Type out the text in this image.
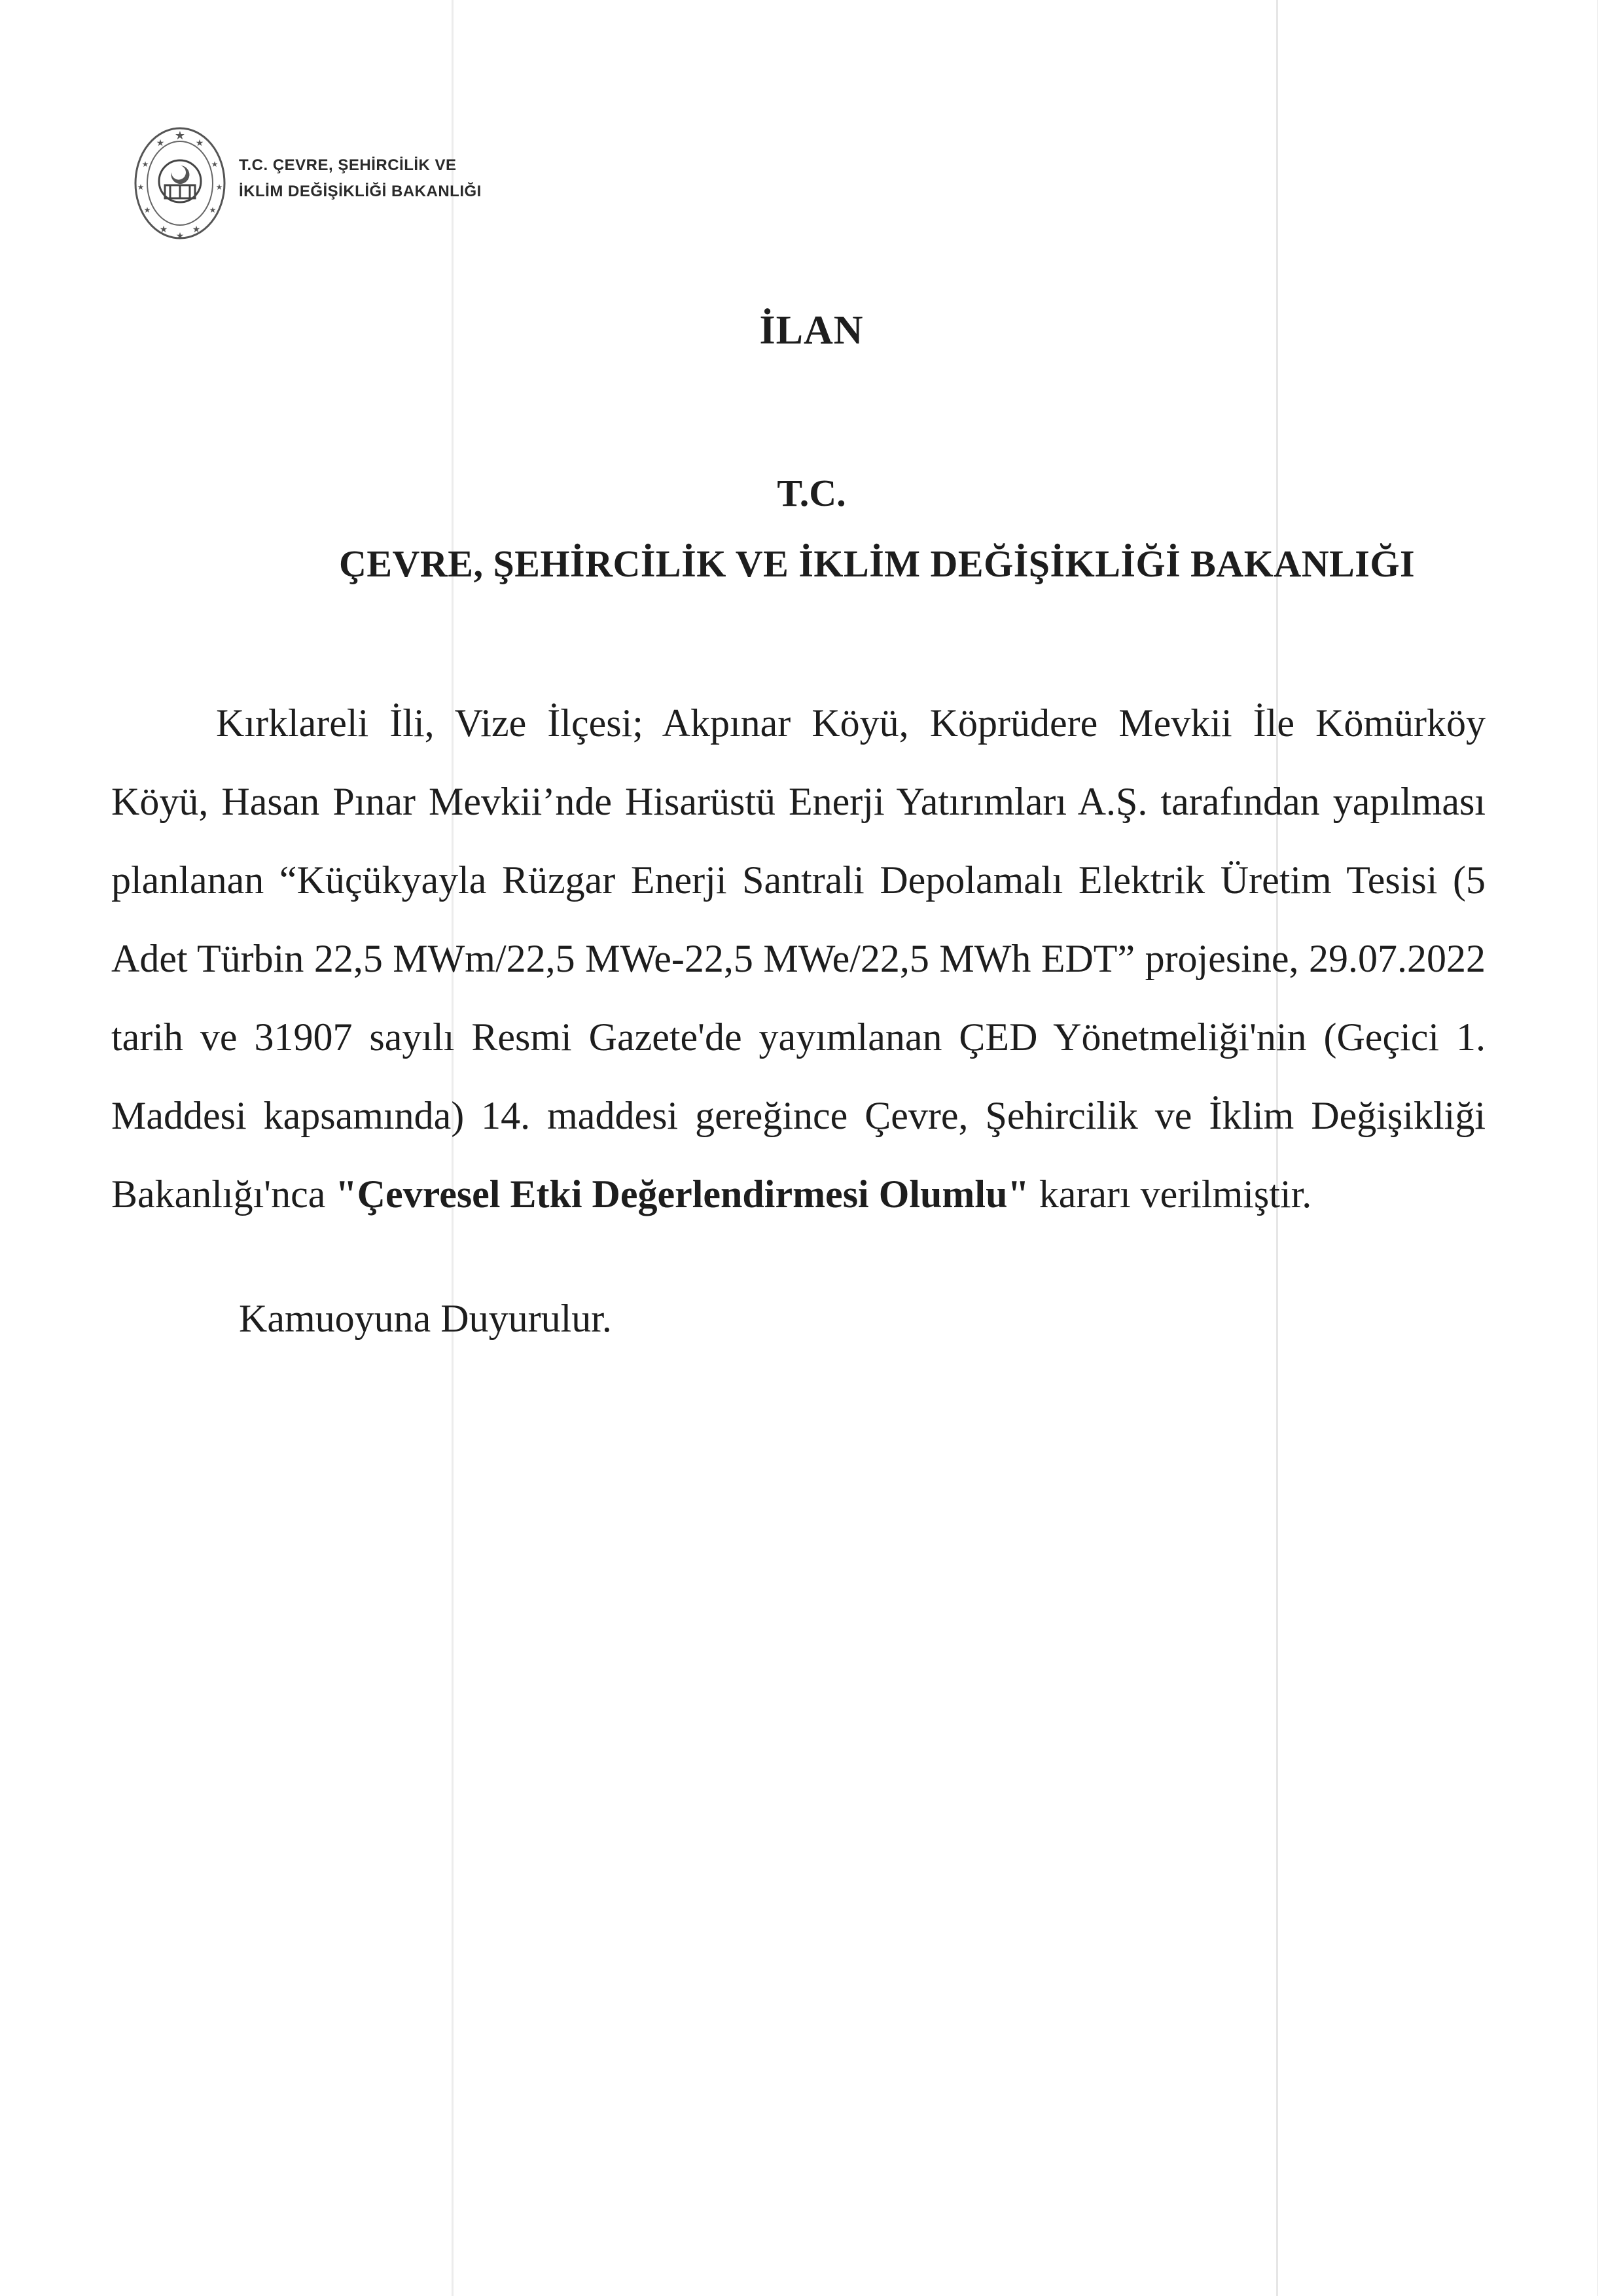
★
★	★
★	★
★	★
★	★
★	★
★
T.C. ÇEVRE, ŞEHİRCİLİK VE
İKLİM DEĞİŞİKLİĞİ BAKANLIĞI
İLAN
T.C.
ÇEVRE, ŞEHİRCİLİK VE İKLİM DEĞİŞİKLİĞİ BAKANLIĞI

Kırklareli İli, Vize İlçesi; Akpınar Köyü, Köprüdere Mevkii İle Kömürköy Köyü, Hasan Pınar Mevkii’nde Hisarüstü Enerji Yatırımları A.Ş. tarafından yapılması planlanan “Küçükyayla Rüzgar Enerji Santrali Depolamalı Elektrik Üretim Tesisi (5 Adet Türbin 22,5 MWm/22,5 MWe-22,5 MWe/22,5 MWh EDT” projesine, 29.07.2022 tarih ve 31907 sayılı Resmi Gazete'de yayımlanan ÇED Yönetmeliği'nin (Geçici 1. Maddesi kapsamında) 14. maddesi gereğince Çevre, Şehircilik ve İklim Değişikliği Bakanlığı'nca "Çevresel Etki Değerlendirmesi Olumlu" kararı verilmiştir.

Kamuoyuna Duyurulur.
